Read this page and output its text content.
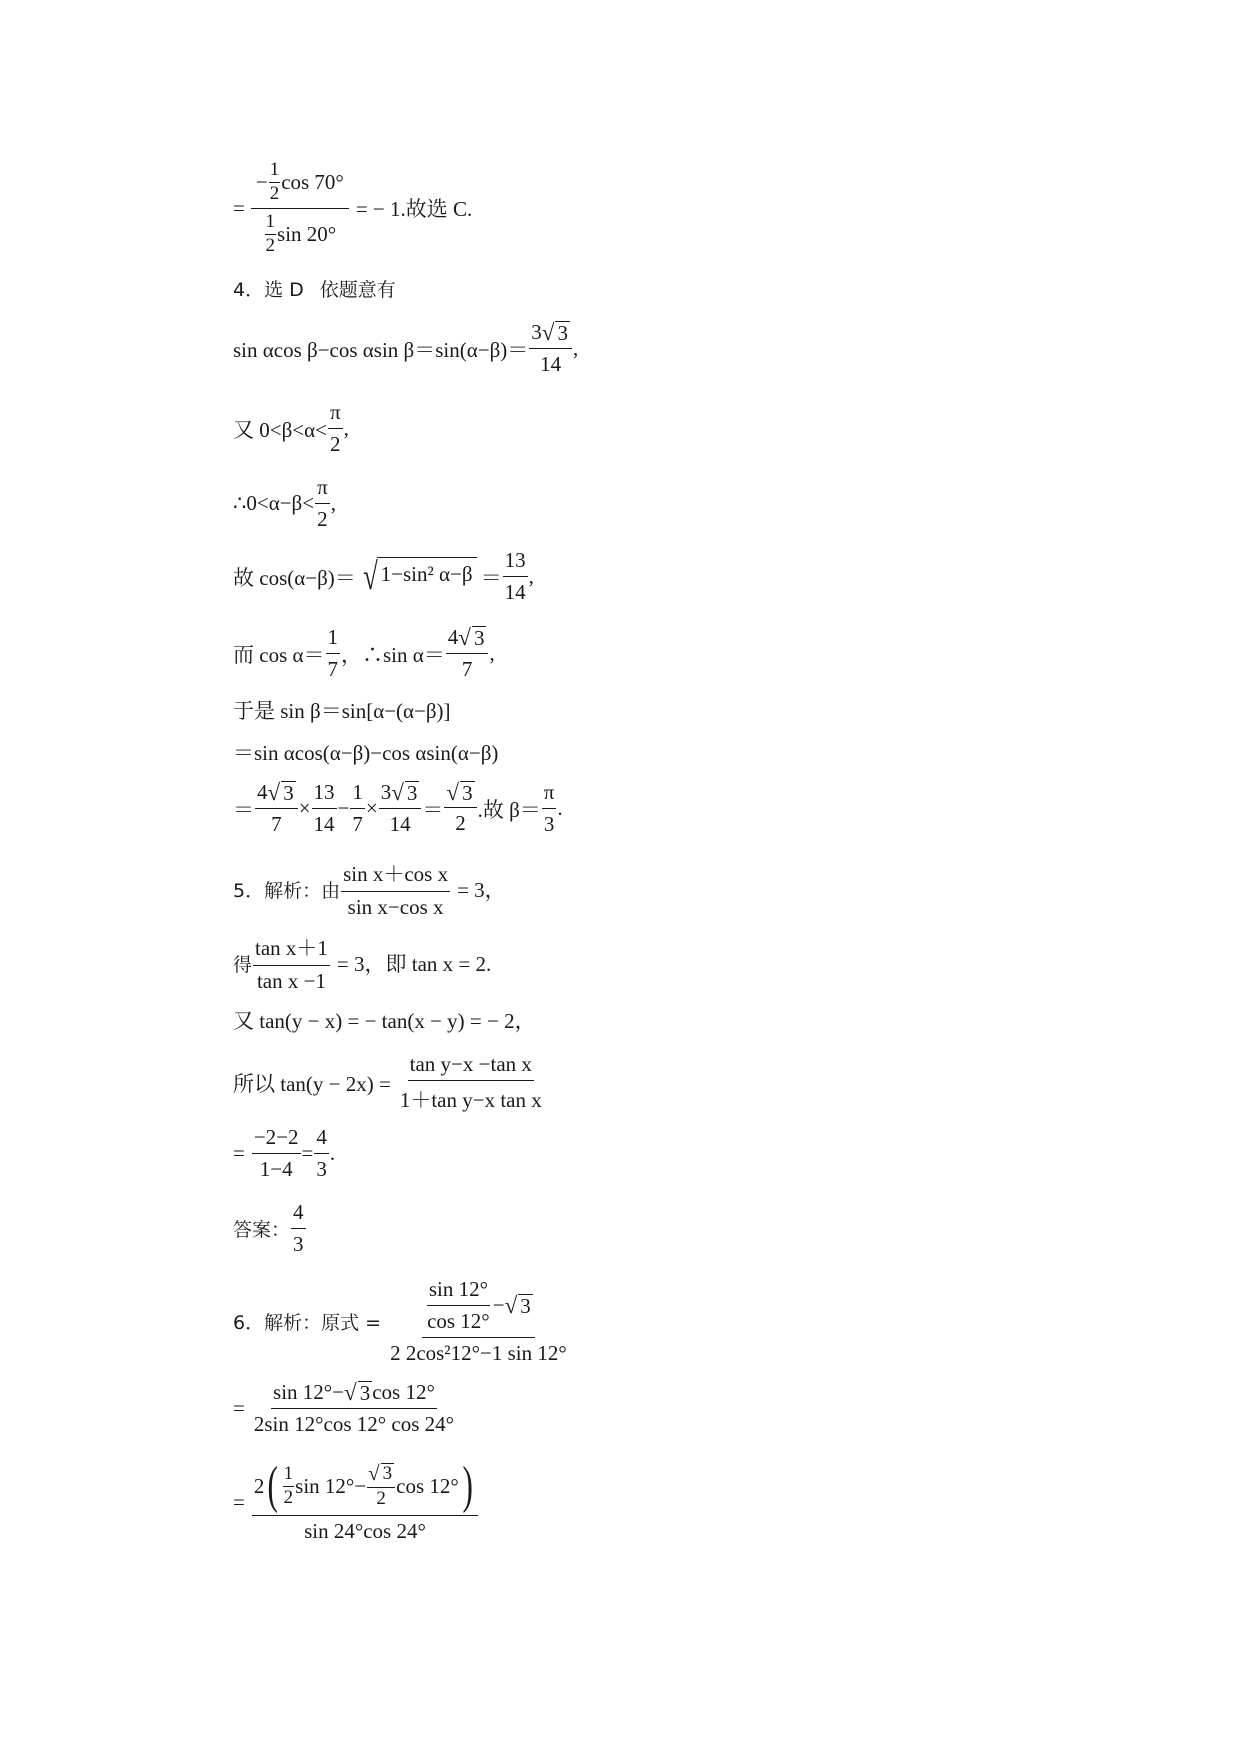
= $\frac{- \frac{1}{2} \cos 70^\circ}{\frac{1}{2} \sin 20^\circ}$ = − 1.故选 C.
4．选 D 依题意有
sin αcos β−cos αsin $\beta=\sin(\alpha-\beta)= \frac{3 √ 3}{14}$ ,
又 $0<\beta<\alpha< \frac{\pi}{2}$ ,
∴0<α−β< $\frac{\pi}{2}$ ,
故 cos(α−β)＝ √ 1−sin² $\alpha-\beta = \frac{13}{14}$ ,
而 $\cos \alpha= \frac{1}{7}$ ，∴sin $\alpha= \frac{4 √ 3}{7}$ ,
于是 sin β＝sin[α−(α−β)]
＝sin αcos(α−β)−cos αsin(α−β)
＝ $\frac{4 √ 3}{7} \times \frac{13}{14} - \frac{1}{7} \times \frac{3 √ 3}{14} = \frac{√ 3}{2}$ .故 $\beta= \frac{\pi}{3}$ .
5．解析：由 $\frac{\text{sin x＋cos x}}{\text{sin x−cos x}} = 3$，
得 $\frac{\text{tan x＋1}}{\text{tan x −1}} = 3$，即 tan x = 2.
又 tan(y − x) = − tan(x − y) = − 2，
所以 $\tan(y - 2x) = \frac{\text{tan y−x −tan x}}{\text{1＋tan y−x tan x}}$
= $\frac{-2-2}{1-4} = \frac{4}{3}$ .
答案： $\frac{4}{3}$
6．解析：原式 = $\frac{\frac{\sin 12^\circ}{\cos 12^\circ} - √ 3}{\text{2 2cos²12°−1 sin 12°}}$
= $\frac{\sin 12^\circ- √ 3 \cos 12^\circ}{2\sin 12^\circ\cos 12^\circ \cos 24^\circ}$
=
2 ( $\frac{1}{2}$ $\sin 12^\circ- \frac{√ 3}{2}$ cos 12° )
sin 24°cos 24°
